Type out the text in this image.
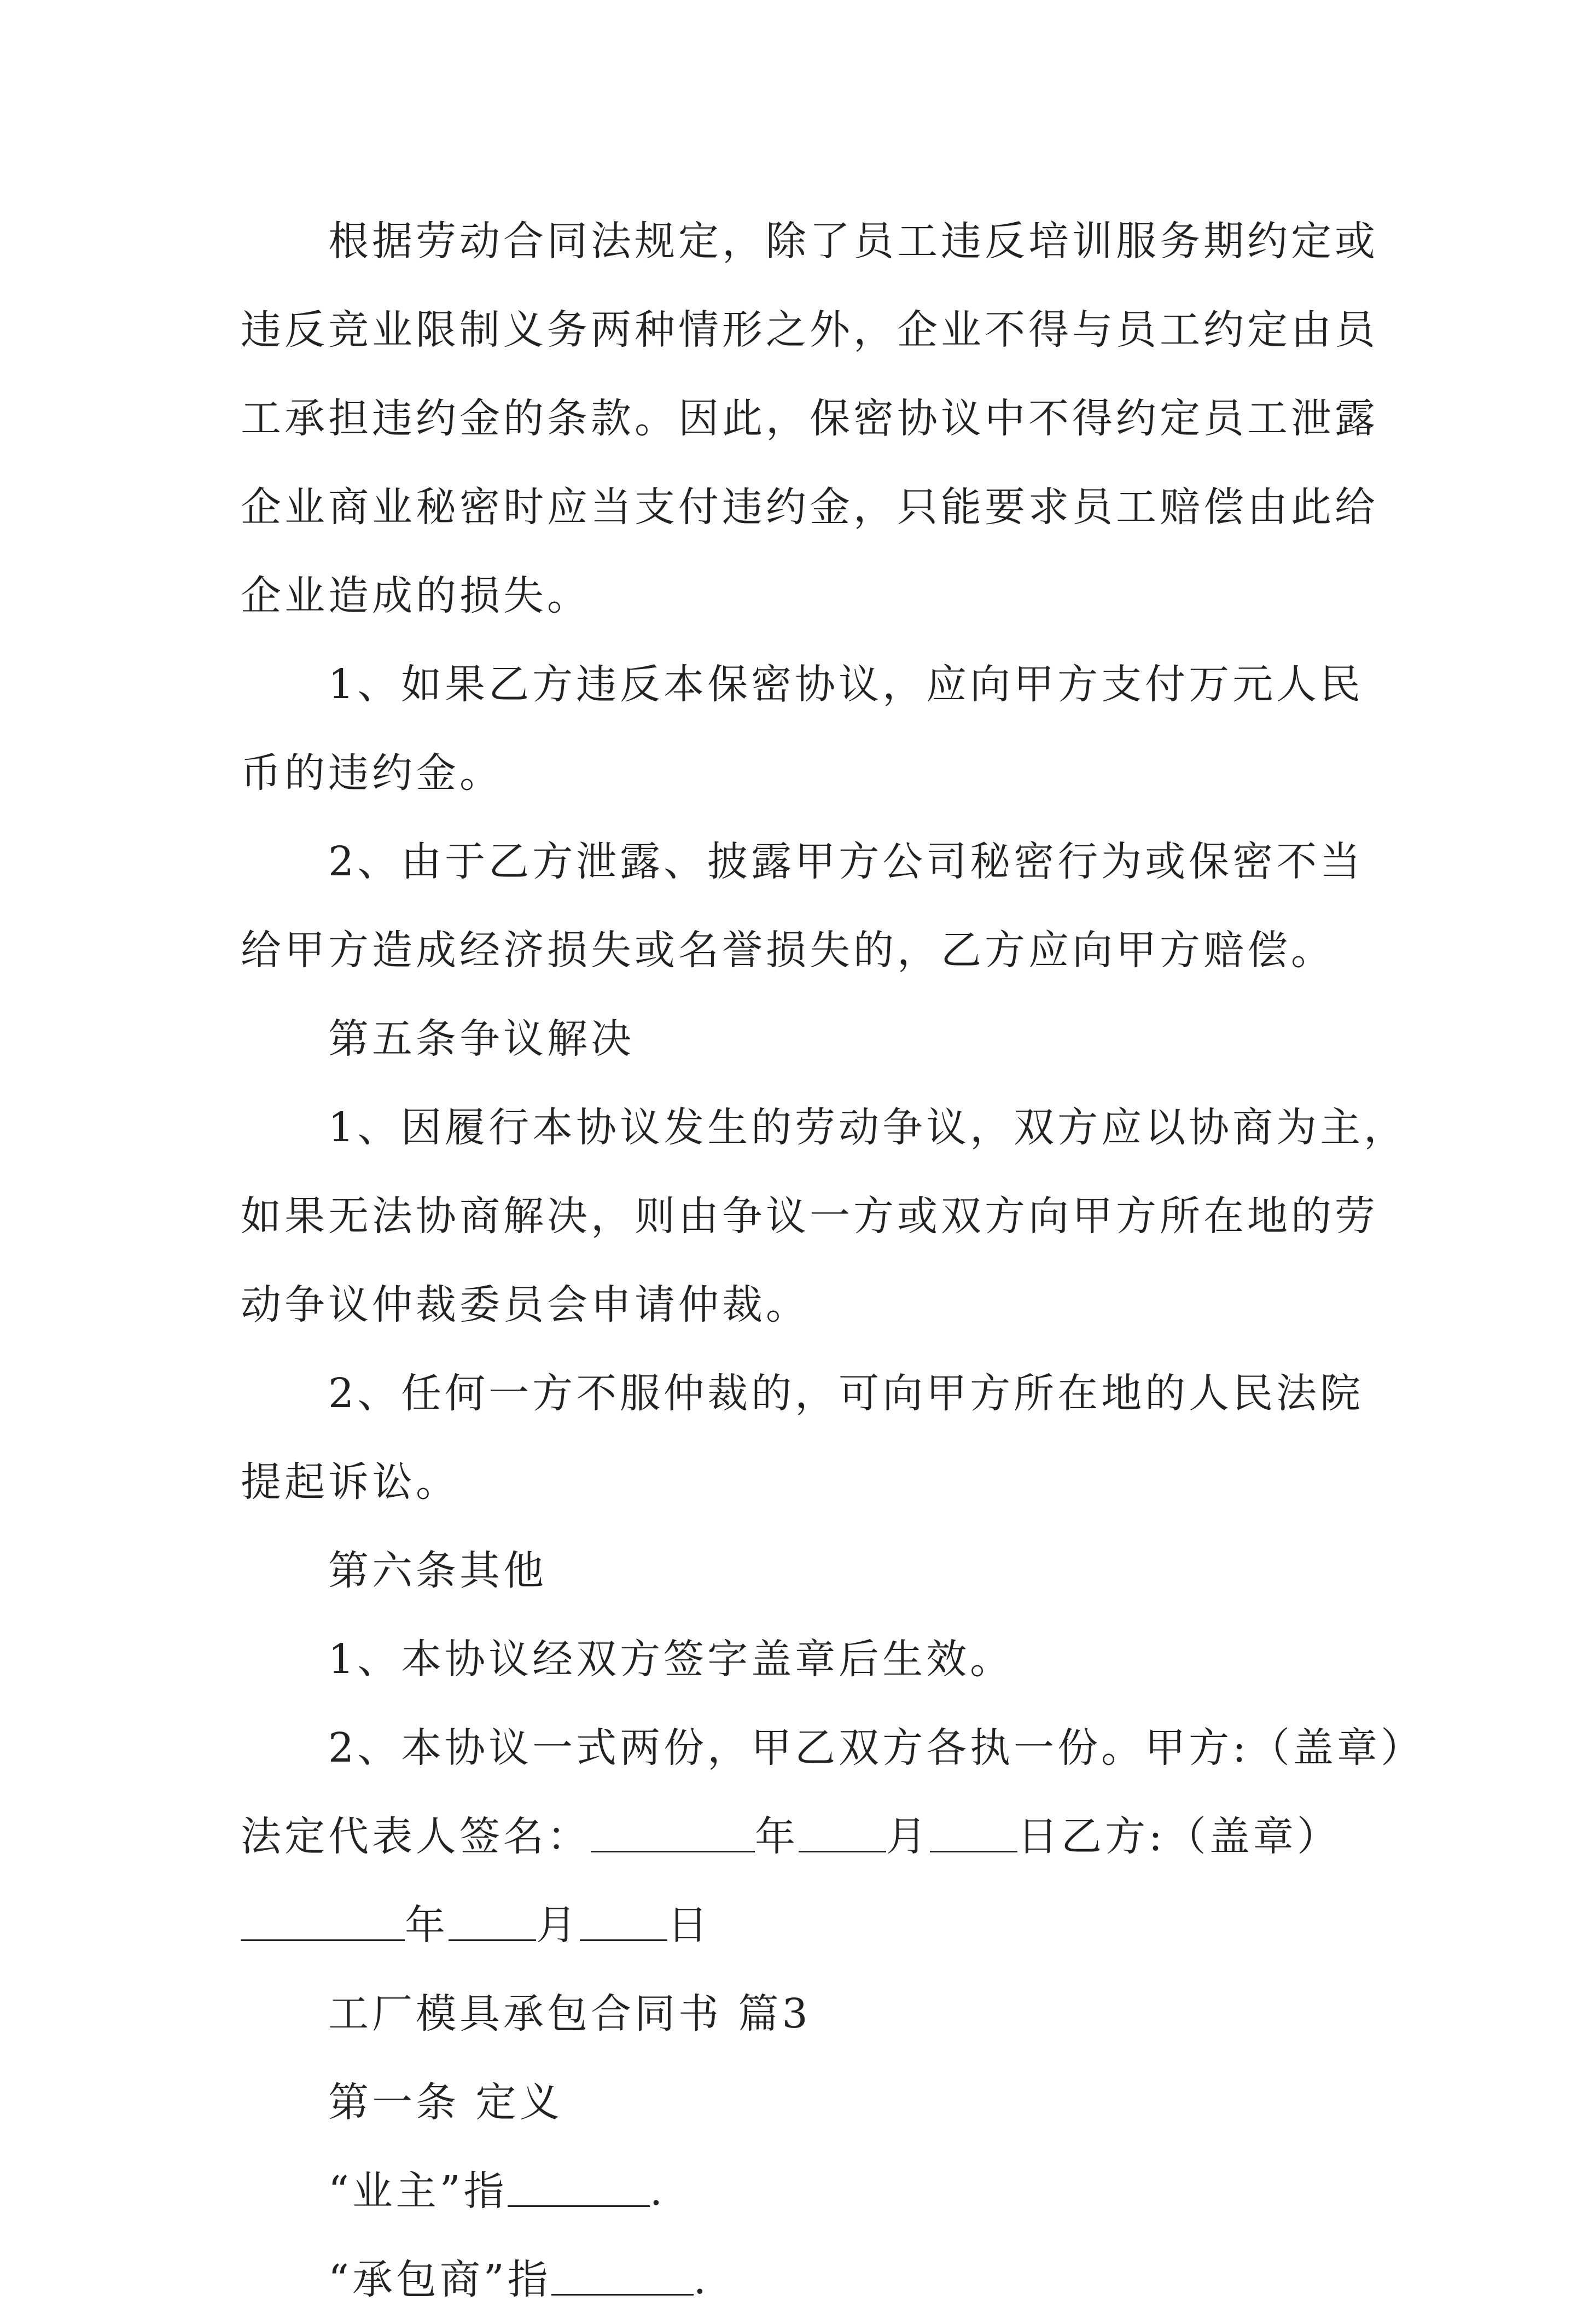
根据劳动合同法规定，除了员工违反培训服务期约定或
违反竞业限制义务两种情形之外，企业不得与员工约定由员
工承担违约金的条款。因此，保密协议中不得约定员工泄露
企业商业秘密时应当支付违约金，只能要求员工赔偿由此给
企业造成的损失。
1、如果乙方违反本保密协议，应向甲方支付万元人民
币的违约金。
2、由于乙方泄露、披露甲方公司秘密行为或保密不当
给甲方造成经济损失或名誉损失的，乙方应向甲方赔偿。
第五条争议解决
1、因履行本协议发生的劳动争议，双方应以协商为主，
如果无法协商解决，则由争议一方或双方向甲方所在地的劳
动争议仲裁委员会申请仲裁。
2、任何一方不服仲裁的，可向甲方所在地的人民法院
提起诉讼。
第六条其他
1、本协议经双方签字盖章后生效。
2、本协议一式两份，甲乙双方各执一份。甲方:（盖章）
法定代表人签名：	年 月 日乙方:（盖章）
年 月 日
工厂模具承包合同书 篇3
第一条 定义
“业主”指	.
“承包商”指	.
